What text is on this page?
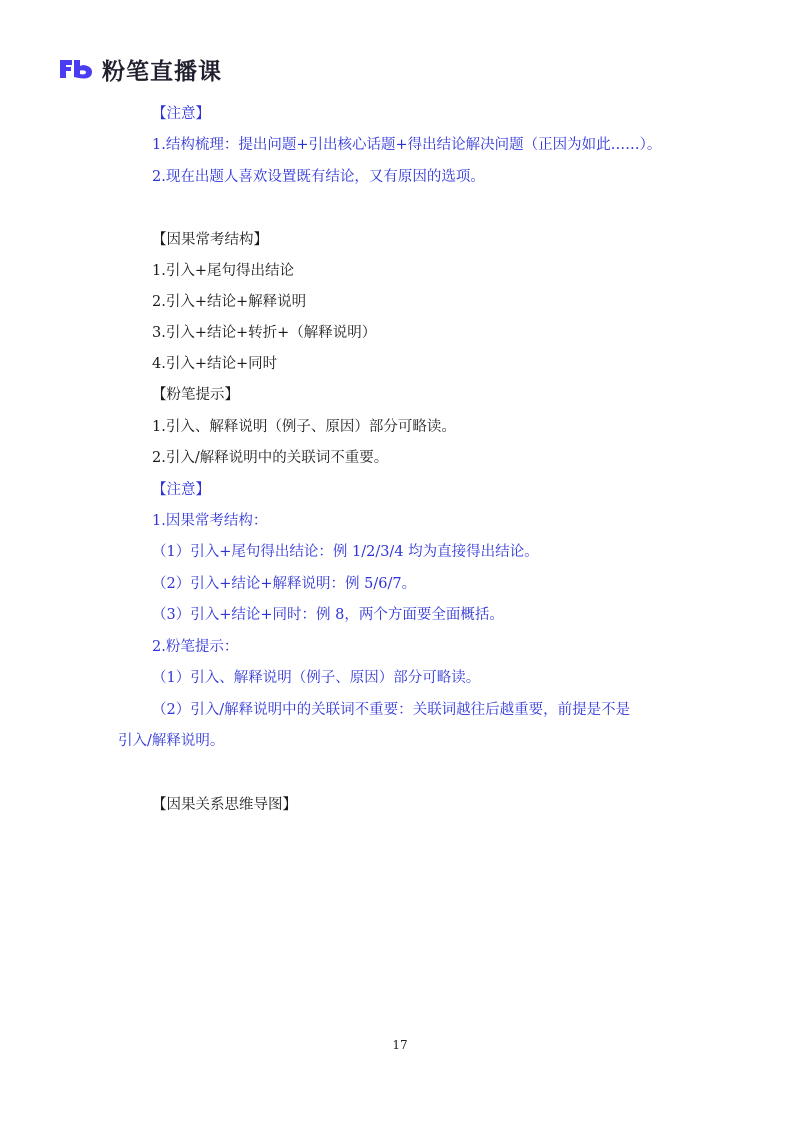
粉笔直播课
【注意】
1.结构梳理：提出问题+引出核心话题+得出结论解决问题（正因为如此……）。
2.现在出题人喜欢设置既有结论，又有原因的选项。
【因果常考结构】
1.引入+尾句得出结论
2.引入+结论+解释说明
3.引入+结论+转折+（解释说明）
4.引入+结论+同时
【粉笔提示】
1.引入、解释说明（例子、原因）部分可略读。
2.引入/解释说明中的关联词不重要。
【注意】
1.因果常考结构：
（1）引入+尾句得出结论：例 1/2/3/4 均为直接得出结论。
（2）引入+结论+解释说明：例 5/6/7。
（3）引入+结论+同时：例 8，两个方面要全面概括。
2.粉笔提示：
（1）引入、解释说明（例子、原因）部分可略读。
（2）引入/解释说明中的关联词不重要：关联词越往后越重要，前提是不是
引入/解释说明。
【因果关系思维导图】
17
